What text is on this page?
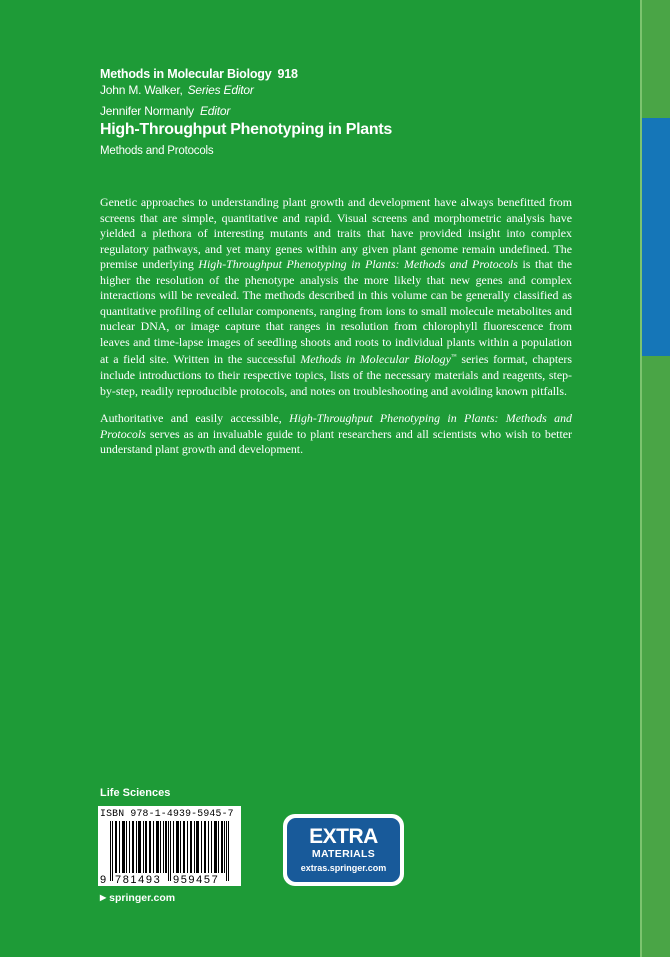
Methods in Molecular Biology 918
John M. Walker, Series Editor
Jennifer Normanly Editor
High-Throughput Phenotyping in Plants
Methods and Protocols

Genetic approaches to understanding plant growth and development have always benefitted from screens that are simple, quantitative and rapid. Visual screens and morphometric analysis have yielded a plethora of interesting mutants and traits that have provided insight into complex regulatory pathways, and yet many genes within any given plant genome remain undefined. The premise underlying High-Throughput Phenotyping in Plants: Methods and Protocols is that the higher the resolution of the phenotype analysis the more likely that new genes and complex interactions will be revealed. The methods described in this volume can be generally classified as quantitative profiling of cellular components, ranging from ions to small molecule metabolites and nuclear DNA, or image capture that ranges in resolution from chlorophyll fluorescence from leaves and time-lapse images of seedling shoots and roots to individual plants within a population at a field site. Written in the successful Methods in Molecular Biology™ series format, chapters include introductions to their respective topics, lists of the necessary materials and reagents, step-by-step, readily reproducible protocols, and notes on troubleshooting and avoiding known pitfalls.

Authoritative and easily accessible, High-Throughput Phenotyping in Plants: Methods and Protocols serves as an invaluable guide to plant researchers and all scientists who wish to better understand plant growth and development.

Life Sciences
ISBN 978-1-4939-5945-7
9 781493 959457
▶ springer.com
EXTRA
MATERIALS
extras.springer.com
